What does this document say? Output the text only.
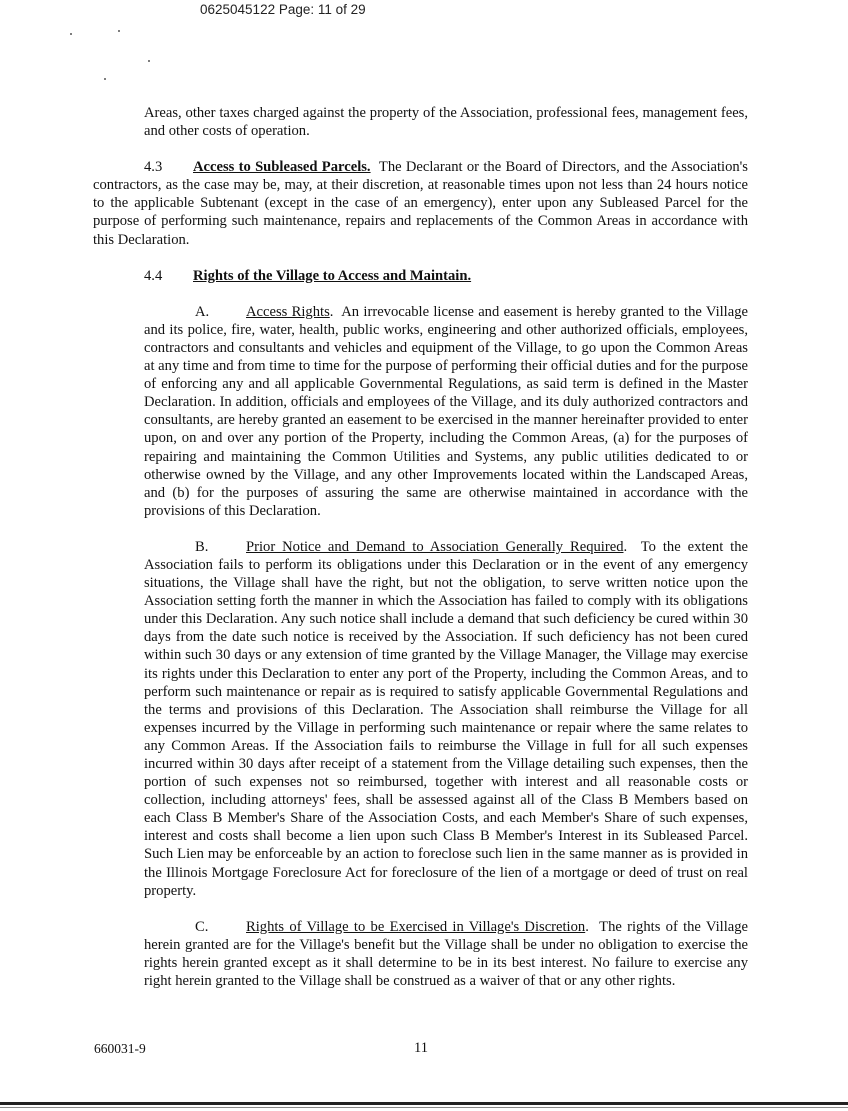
0625045122 Page: 11 of 29

Areas, other taxes charged against the property of the Association, professional fees, management fees, and other costs of operation.

4.3 Access to Subleased Parcels. The Declarant or the Board of Directors, and the Association's contractors, as the case may be, may, at their discretion, at reasonable times upon not less than 24 hours notice to the applicable Subtenant (except in the case of an emergency), enter upon any Subleased Parcel for the purpose of performing such maintenance, repairs and replacements of the Common Areas in accordance with this Declaration.

4.4 Rights of the Village to Access and Maintain.

A.	Access Rights. An irrevocable license and easement is hereby granted to the Village and its police, fire, water, health, public works, engineering and other authorized officials, employees, contractors and consultants and vehicles and equipment of the Village, to go upon the Common Areas at any time and from time to time for the purpose of performing their official duties and for the purpose of enforcing any and all applicable Governmental Regulations, as said term is defined in the Master Declaration. In addition, officials and employees of the Village, and its duly authorized contractors and consultants, are hereby granted an easement to be exercised in the manner hereinafter provided to enter upon, on and over any portion of the Property, including the Common Areas, (a) for the purposes of repairing and maintaining the Common Utilities and Systems, any public utilities dedicated to or otherwise owned by the Village, and any other Improvements located within the Landscaped Areas, and (b) for the purposes of assuring the same are otherwise maintained in accordance with the provisions of this Declaration.

B.	Prior Notice and Demand to Association Generally Required. To the extent the Association fails to perform its obligations under this Declaration or in the event of any emergency situations, the Village shall have the right, but not the obligation, to serve written notice upon the Association setting forth the manner in which the Association has failed to comply with its obligations under this Declaration. Any such notice shall include a demand that such deficiency be cured within 30 days from the date such notice is received by the Association. If such deficiency has not been cured within such 30 days or any extension of time granted by the Village Manager, the Village may exercise its rights under this Declaration to enter any port of the Property, including the Common Areas, and to perform such maintenance or repair as is required to satisfy applicable Governmental Regulations and the terms and provisions of this Declaration. The Association shall reimburse the Village for all expenses incurred by the Village in performing such maintenance or repair where the same relates to any Common Areas. If the Association fails to reimburse the Village in full for all such expenses incurred within 30 days after receipt of a statement from the Village detailing such expenses, then the portion of such expenses not so reimbursed, together with interest and all reasonable costs or collection, including attorneys' fees, shall be assessed against all of the Class B Members based on each Class B Member's Share of the Association Costs, and each Member's Share of such expenses, interest and costs shall become a lien upon such Class B Member's Interest in its Subleased Parcel. Such Lien may be enforceable by an action to foreclose such lien in the same manner as is provided in the Illinois Mortgage Foreclosure Act for foreclosure of the lien of a mortgage or deed of trust on real property.

C.	Rights of Village to be Exercised in Village's Discretion. The rights of the Village herein granted are for the Village's benefit but the Village shall be under no obligation to exercise the rights herein granted except as it shall determine to be in its best interest. No failure to exercise any right herein granted to the Village shall be construed as a waiver of that or any other rights.

660031-9	11
